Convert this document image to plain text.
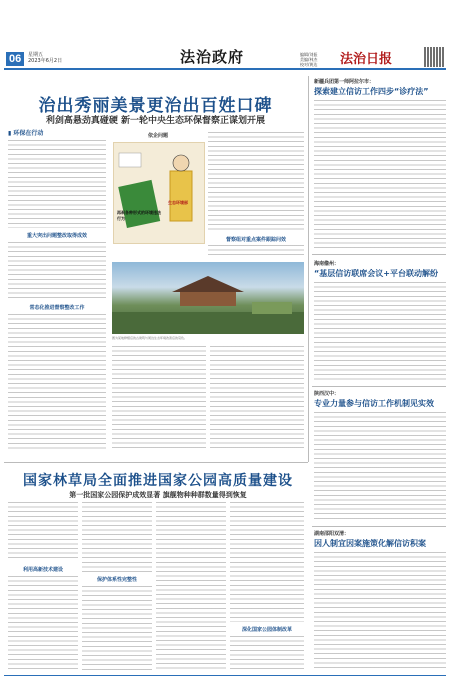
06	星期五
2023年6月2日	法治政府	编辑/刘振
美编/林杰
校对/黄达 法治日报
治出秀丽美景更治出百姓口碑
利剑高悬劲真碰硬 新一轮中央生态环保督察正谋划开展
▮ 环保在行动
重大突出问题整改取得成效
常态化推进督察整改工作
依企问题
再刹各种形式的环境违法行为
生态环境部
督察组对重点案件跟踪问效
图为某地修缮后的古建筑与周边生态环境改善后的景色。
新疆兵团第一师阿拉尔市：
探索建立信访工作四步“诊疗法”
海南儋州：
“基层信访联席会议+平台联动解纷
陕西汉中：
专业力量参与信访工作机制见实效
湖南邵阳双清：
因人制宜因案施策化解信访积案
国家林草局全面推进国家公园高质量建设
第一批国家公园保护成效显著 旗舰物种种群数量得到恢复
利用高新技术建设
保护体系性完整性
深化国家公园体制改革
